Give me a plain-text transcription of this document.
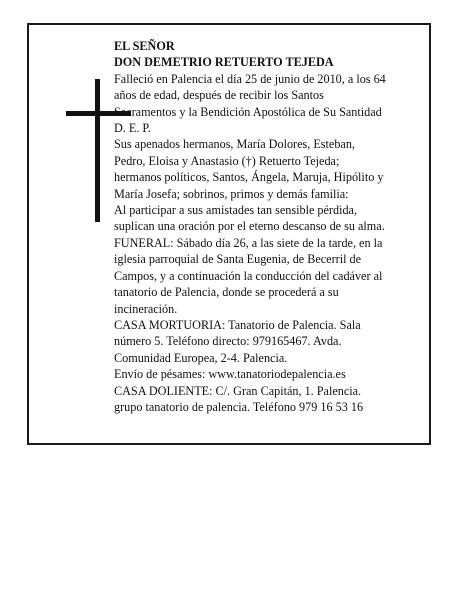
EL SEÑOR
DON DEMETRIO RETUERTO TEJEDA
Falleció en Palencia el día 25 de junio de 2010, a los 64
años de edad, después de recibir los Santos
Sacramentos y la Bendición Apostólica de Su Santidad
D. E. P.
Sus apenados hermanos, María Dolores, Esteban,
Pedro, Eloisa y Anastasio (†) Retuerto Tejeda;
hermanos políticos, Santos, Ángela, Maruja, Hipólito y
María Josefa; sobrinos, primos y demás familia:
Al participar a sus amistades tan sensible pérdida,
suplican una oración por el eterno descanso de su alma.
FUNERAL: Sábado día 26, a las siete de la tarde, en la
iglesia parroquial de Santa Eugenia, de Becerril de
Campos, y a continuación la conducción del cadáver al
tanatorio de Palencia, donde se procederá a su
incineración.
CASA MORTUORIA: Tanatorio de Palencia. Sala
número 5. Teléfono directo: 979165467. Avda.
Comunidad Europea, 2-4. Palencia.
Envío de pésames: www.tanatoriodepalencia.es
CASA DOLIENTE: C/. Gran Capitán, 1. Palencia.
grupo tanatorio de palencia. Teléfono 979 16 53 16
